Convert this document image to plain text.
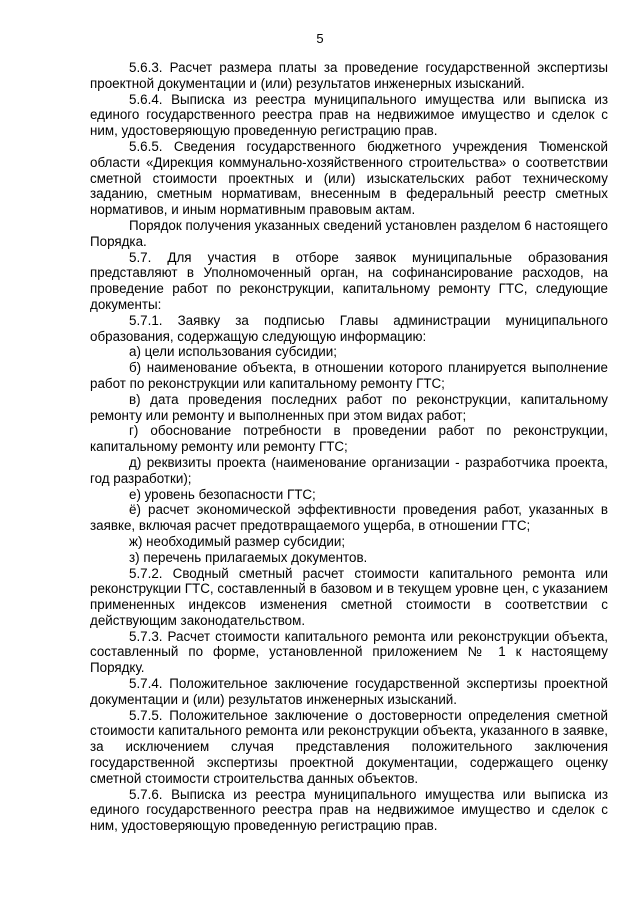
5

5.6.3. Расчет размера платы за проведение государственной экспертизы проектной документации и (или) результатов инженерных изысканий.

5.6.4. Выписка из реестра муниципального имущества или выписка из единого государственного реестра прав на недвижимое имущество и сделок с ним, удостоверяющую проведенную регистрацию прав.

5.6.5. Сведения государственного бюджетного учреждения Тюменской области «Дирекция коммунально-хозяйственного строительства» о соответствии сметной стоимости проектных и (или) изыскательских работ техническому заданию, сметным нормативам, внесенным в федеральный реестр сметных нормативов, и иным нормативным правовым актам.

Порядок получения указанных сведений установлен разделом 6 настоящего Порядка.

5.7. Для участия в отборе заявок муниципальные образования представляют в Уполномоченный орган, на софинансирование расходов, на проведение работ по реконструкции, капитальному ремонту ГТС, следующие документы:

5.7.1. Заявку за подписью Главы администрации муниципального образования, содержащую следующую информацию:

а) цели использования субсидии;

б) наименование объекта, в отношении которого планируется выполнение работ по реконструкции или капитальному ремонту ГТС;

в) дата проведения последних работ по реконструкции, капитальному ремонту или ремонту и выполненных при этом видах работ;

г) обоснование потребности в проведении работ по реконструкции, капитальному ремонту или ремонту ГТС;

д) реквизиты проекта (наименование организации - разработчика проекта, год разработки);

е) уровень безопасности ГТС;

ё) расчет экономической эффективности проведения работ, указанных в заявке, включая расчет предотвращаемого ущерба, в отношении ГТС;

ж) необходимый размер субсидии;

з) перечень прилагаемых документов.

5.7.2. Сводный сметный расчет стоимости капитального ремонта или реконструкции ГТС, составленный в базовом и в текущем уровне цен, с указанием примененных индексов изменения сметной стоимости в соответствии с действующим законодательством.

5.7.3. Расчет стоимости капитального ремонта или реконструкции объекта, составленный по форме, установленной приложением № 1 к настоящему Порядку.

5.7.4. Положительное заключение государственной экспертизы проектной документации и (или) результатов инженерных изысканий.

5.7.5. Положительное заключение о достоверности определения сметной стоимости капитального ремонта или реконструкции объекта, указанного в заявке, за исключением случая представления положительного заключения государственной экспертизы проектной документации, содержащего оценку сметной стоимости строительства данных объектов.

5.7.6. Выписка из реестра муниципального имущества или выписка из единого государственного реестра прав на недвижимое имущество и сделок с ним, удостоверяющую проведенную регистрацию прав.
